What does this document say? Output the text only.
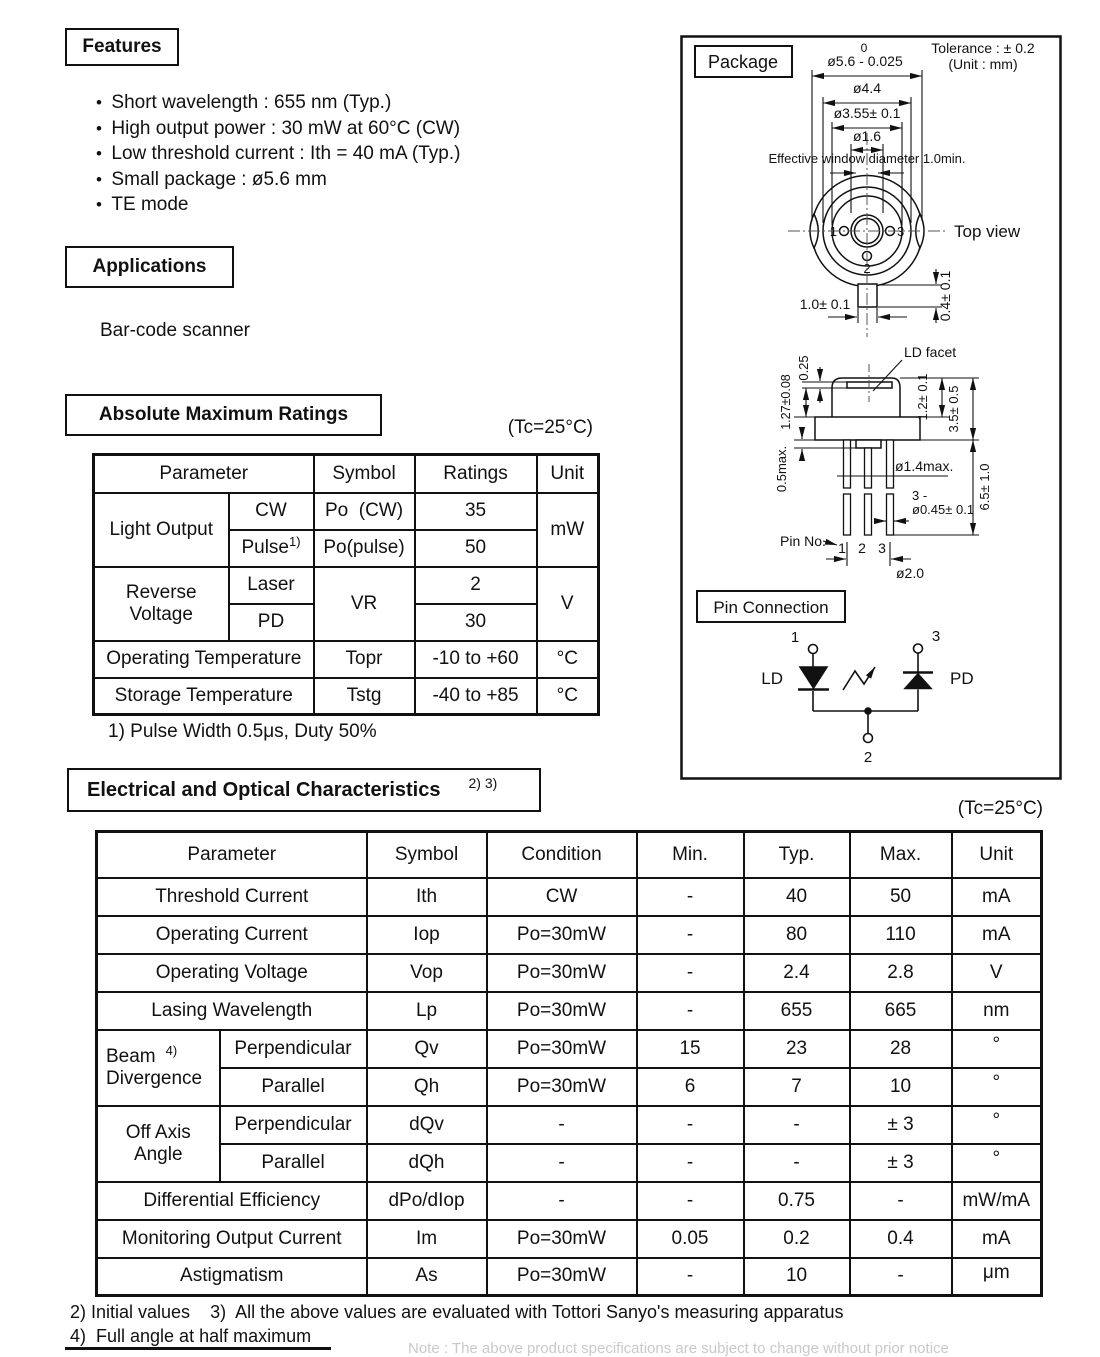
Features
•  Short wavelength : 655 nm (Typ.)
•  High output power : 30 mW at 60°C (CW)
•  Low threshold current : Ith = 40 mA (Typ.)
•  Small package : ø5.6 mm
•  TE mode
Applications
Bar-code scanner
Absolute Maximum Ratings
(Tc=25°C)
Parameter		Symbol	Ratings	Unit
Light Output	CW	Po  (CW)	35	mW
	Pulse$^{1)}$	Po(pulse)	50	

Reverse
Voltage	Laser	VR	2	V
	PD		30	
Operating Temperature		Topr	-10 to +60	°C
Storage Temperature		Tstg	-40 to +85	°C
1) Pulse Width 0.5μs, Duty 50%
Electrical and Optical Characteristics 2) 3)
(Tc=25°C)
Parameter		Symbol	Condition	Min.	Typ.	Max.	Unit
Threshold Current		Ith	CW	-	40	50	mA
Operating Current		Iop	Po=30mW	-	80	110	mA
Operating Voltage		Vop	Po=30mW	-	2.4	2.8	V
Lasing Wavelength		Lp	Po=30mW	-	655	665	nm

Beam $^{4)}$
Divergence	Perpendicular	Qv	Po=30mW	15	23	28	°
	Parallel	Qh	Po=30mW	6	7	10	°

Off Axis
Angle	Perpendicular	dQv	-	-	-	± 3	°
	Parallel	dQh	-	-	-	± 3	°
Differential Efficiency		dPo/dIop	-	-	0.75	-	mW/mA
Monitoring Output Current		Im	Po=30mW	0.05	0.2	0.4	mA
Astigmatism		As	Po=30mW	-	10	-	μm
2) Initial values    3)  All the above values are evaluated with Tottori Sanyo's measuring apparatus
4)  Full angle at half maximum
Note : The above product specifications are subject to change without prior notice
Package
Tolerance : ± 0.2
(Unit : mm)
0
ø5.6 - 0.025
ø4.4
ø3.55± 0.1
ø1.6
Effective window diameter 1.0min.
1	3
2
Top view
1.0± 0.1	0.4± 0.1
LD facet
0.25
1.27±0.08
0.5max.
1.2± 0.1 3.5± 0.5
6.5± 1.0
ø1.4max.
3 -
ø0.45± 0.1
Pin No. 1 2 3
ø2.0
Pin Connection
1
2
3
LD	PD
